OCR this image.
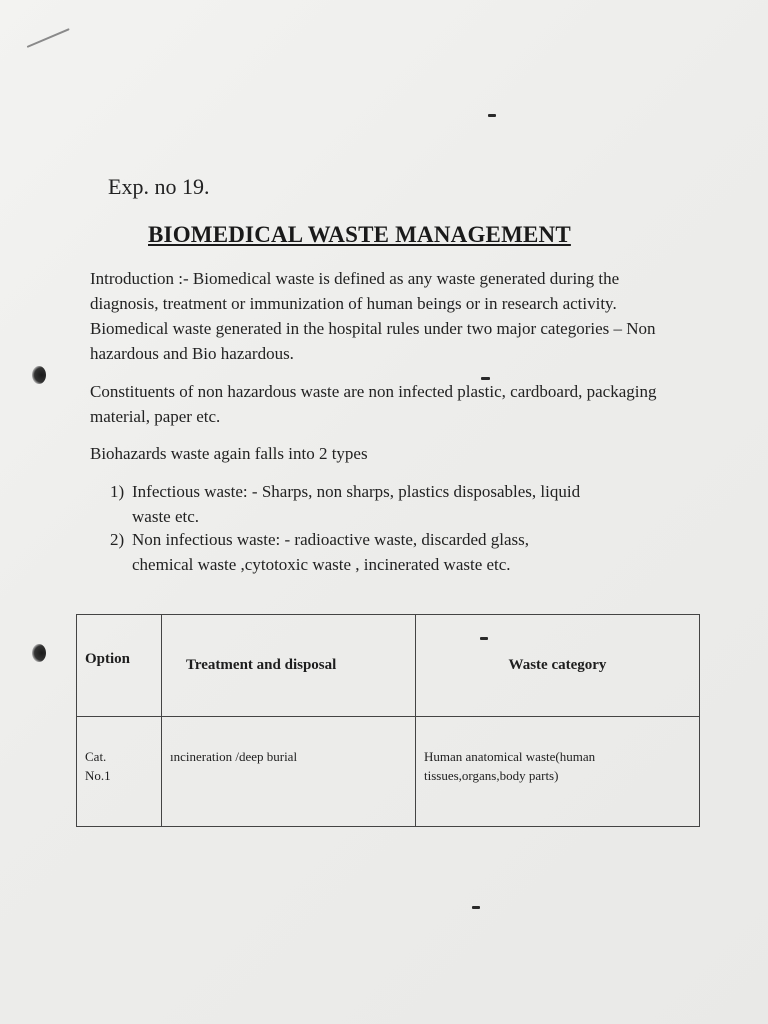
Exp. no 19.
BIOMEDICAL WASTE MANAGEMENT
Introduction :- Biomedical waste is defined as any waste generated during the diagnosis, treatment or immunization of human beings or in research activity. Biomedical waste generated in the hospital rules under two major categories – Non hazardous and Bio hazardous.
Constituents of non hazardous waste are non infected plastic, cardboard, packaging material, paper etc.
Biohazards waste again falls into 2 types
1) Infectious waste: - Sharps, non sharps, plastics disposables, liquid
waste etc.
2) Non infectious waste: - radioactive waste, discarded glass,
chemical waste ,cytotoxic waste , incinerated waste etc.
Option	Treatment and disposal	Waste category
Cat.
No.1	ıncineration /deep burial	Human anatomical waste(human tissues,organs,body parts)
